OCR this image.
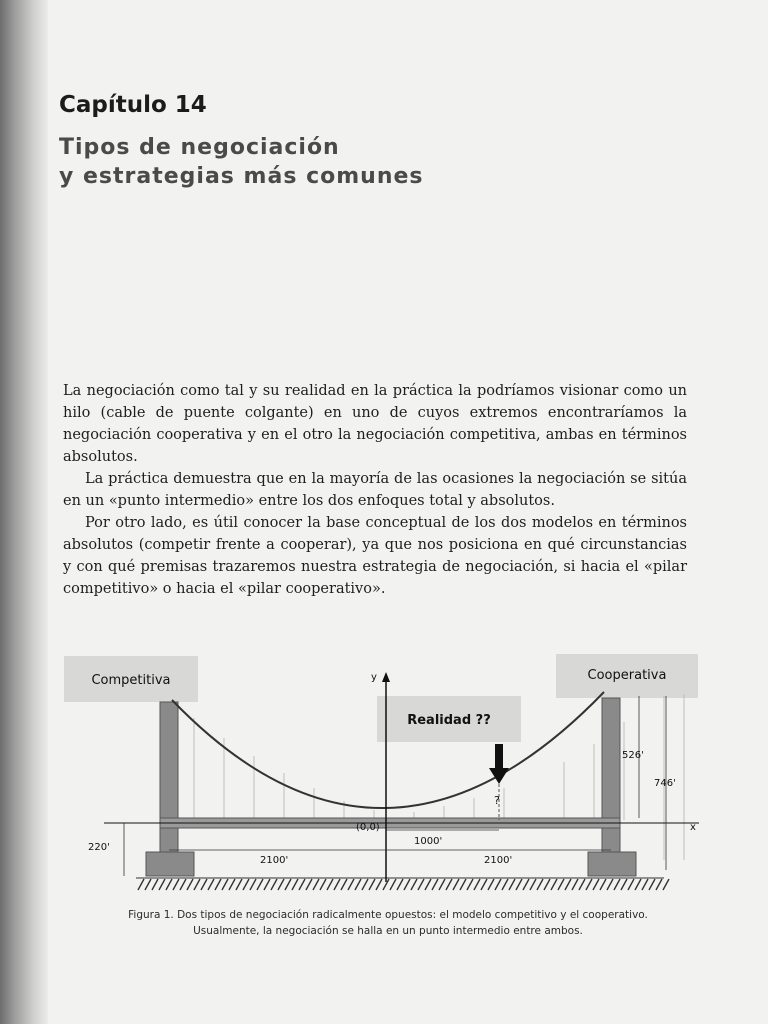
Capítulo 14
Tipos de negociación
y estrategias más comunes

La negociación como tal y su realidad en la práctica la podríamos visionar como un hilo (cable de puente colgante) en uno de cuyos extremos encontraríamos la negociación cooperativa y en el otro la negociación competitiva, ambas en términos absolutos.

La práctica demuestra que en la mayoría de las ocasiones la negociación se sitúa en un «punto intermedio» entre los dos enfoques total y absolutos.

Por otro lado, es útil conocer la base conceptual de los dos modelos en términos absolutos (competir frente a cooperar), ya que nos posiciona en qué circunstancias y con qué premisas trazaremos nuestra estrategia de negociación, si hacia el «pilar competitivo» o hacia el «pilar cooperativo».

Competitiva	Cooperativa
Realidad ??
y
x
(0,0)
?
1000'
526'
746'
220'
2100'	2100'
Figura 1. Dos tipos de negociación radicalmente opuestos: el modelo competitivo y el cooperativo.
Usualmente, la negociación se halla en un punto intermedio entre ambos.
